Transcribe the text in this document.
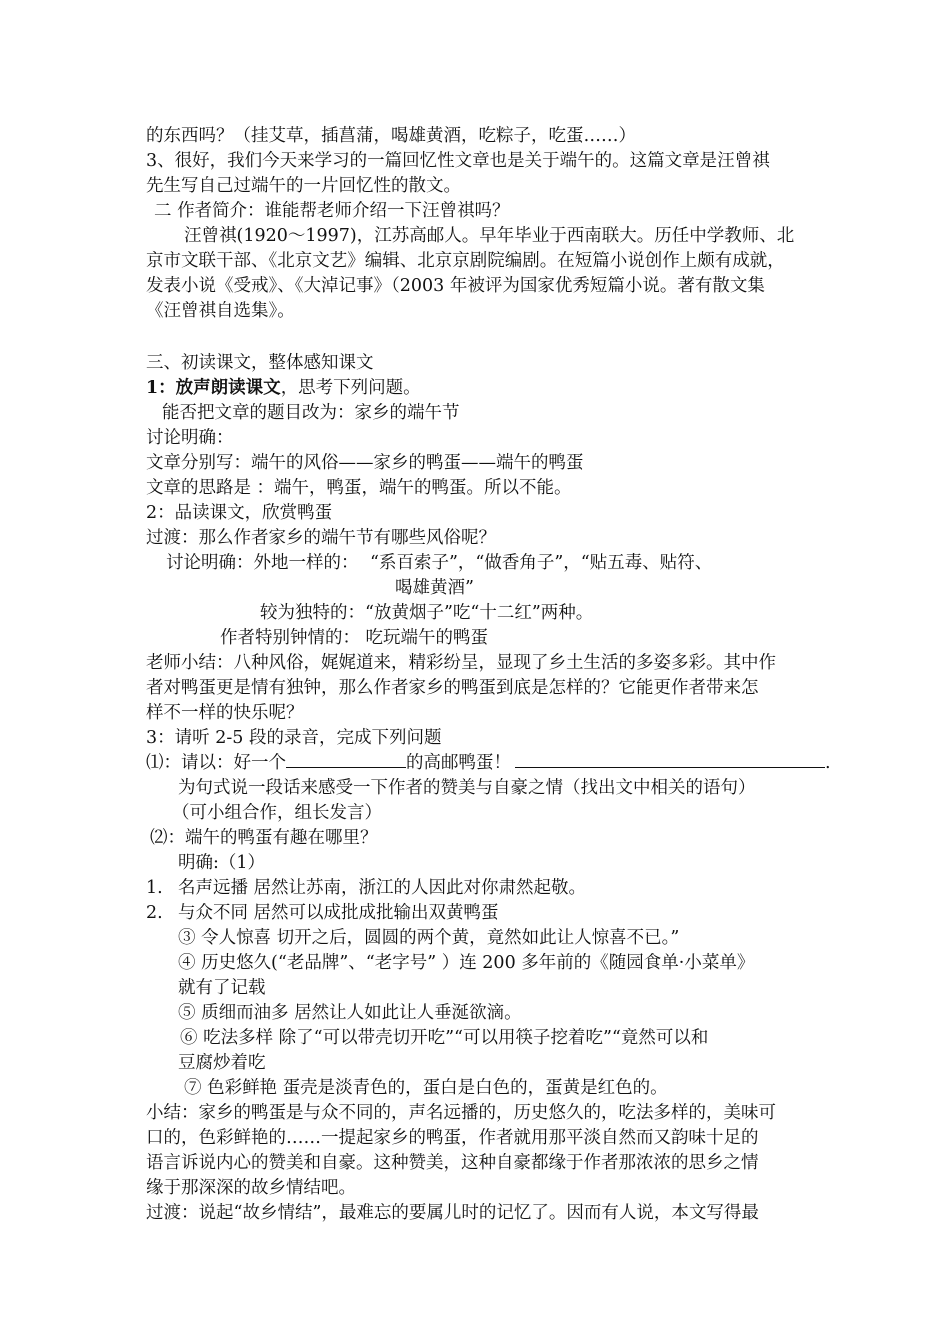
的东西吗？（挂艾草，插菖蒲，喝雄黄酒，吃粽子，吃蛋……）
3、很好，我们今天来学习的一篇回忆性文章也是关于端午的。这篇文章是汪曾祺
先生写自己过端午的一片回忆性的散文。
二 作者简介：谁能帮老师介绍一下汪曾祺吗？
汪曾祺(1920～1997)，江苏高邮人。早年毕业于西南联大。历任中学教师、北
京市文联干部、《北京文艺》编辑、北京京剧院编剧。在短篇小说创作上颇有成就，
发表小说《受戒》、《大淖记事》（2003 年被评为国家优秀短篇小说。著有散文集
《汪曾祺自选集》。
三、初读课文，整体感知课文
1：放声朗读课文，思考下列问题。
能否把文章的题目改为：家乡的端午节
讨论明确：
文章分别写：端午的风俗——家乡的鸭蛋——端午的鸭蛋
文章的思路是 ：端午，鸭蛋，端午的鸭蛋。所以不能。
2：品读课文，欣赏鸭蛋
过渡：那么作者家乡的端午节有哪些风俗呢？
讨论明确：外地一样的： “系百索子”，“做香角子”，“贴五毒、贴符、
喝雄黄酒”
较为独特的：“放黄烟子”吃“十二红”两种。
作者特别钟情的： 吃玩端午的鸭蛋
老师小结：八种风俗，娓娓道来，精彩纷呈，显现了乡土生活的多姿多彩。其中作
者对鸭蛋更是情有独钟，那么作者家乡的鸭蛋到底是怎样的？它能更作者带来怎
样不一样的快乐呢？
3：请听 2-5 段的录音，完成下列问题
⑴：请以：好一个	的高邮鸭蛋！	.
为句式说一段话来感受一下作者的赞美与自豪之情（找出文中相关的语句）
（可小组合作，组长发言）
⑵：端午的鸭蛋有趣在哪里？
明确:（1）
1. 名声远播 居然让苏南，浙江的人因此对你肃然起敬。
2. 与众不同 居然可以成批成批输出双黄鸭蛋
③ 令人惊喜 切开之后，圆圆的两个黄，竟然如此让人惊喜不已。”
④ 历史悠久(“老品牌”、“老字号” ）连 200 多年前的《随园食单·小菜单》
就有了记载
⑤ 质细而油多 居然让人如此让人垂涎欲滴。
⑥ 吃法多样 除了“可以带壳切开吃”“可以用筷子挖着吃”“竟然可以和
豆腐炒着吃
⑦ 色彩鲜艳 蛋壳是淡青色的，蛋白是白色的，蛋黄是红色的。
小结：家乡的鸭蛋是与众不同的，声名远播的，历史悠久的，吃法多样的，美味可
口的，色彩鲜艳的……一提起家乡的鸭蛋，作者就用那平淡自然而又韵味十足的
语言诉说内心的赞美和自豪。这种赞美，这种自豪都缘于作者那浓浓的思乡之情
缘于那深深的故乡情结吧。
过渡：说起“故乡情结”，最难忘的要属儿时的记忆了。因而有人说，本文写得最
